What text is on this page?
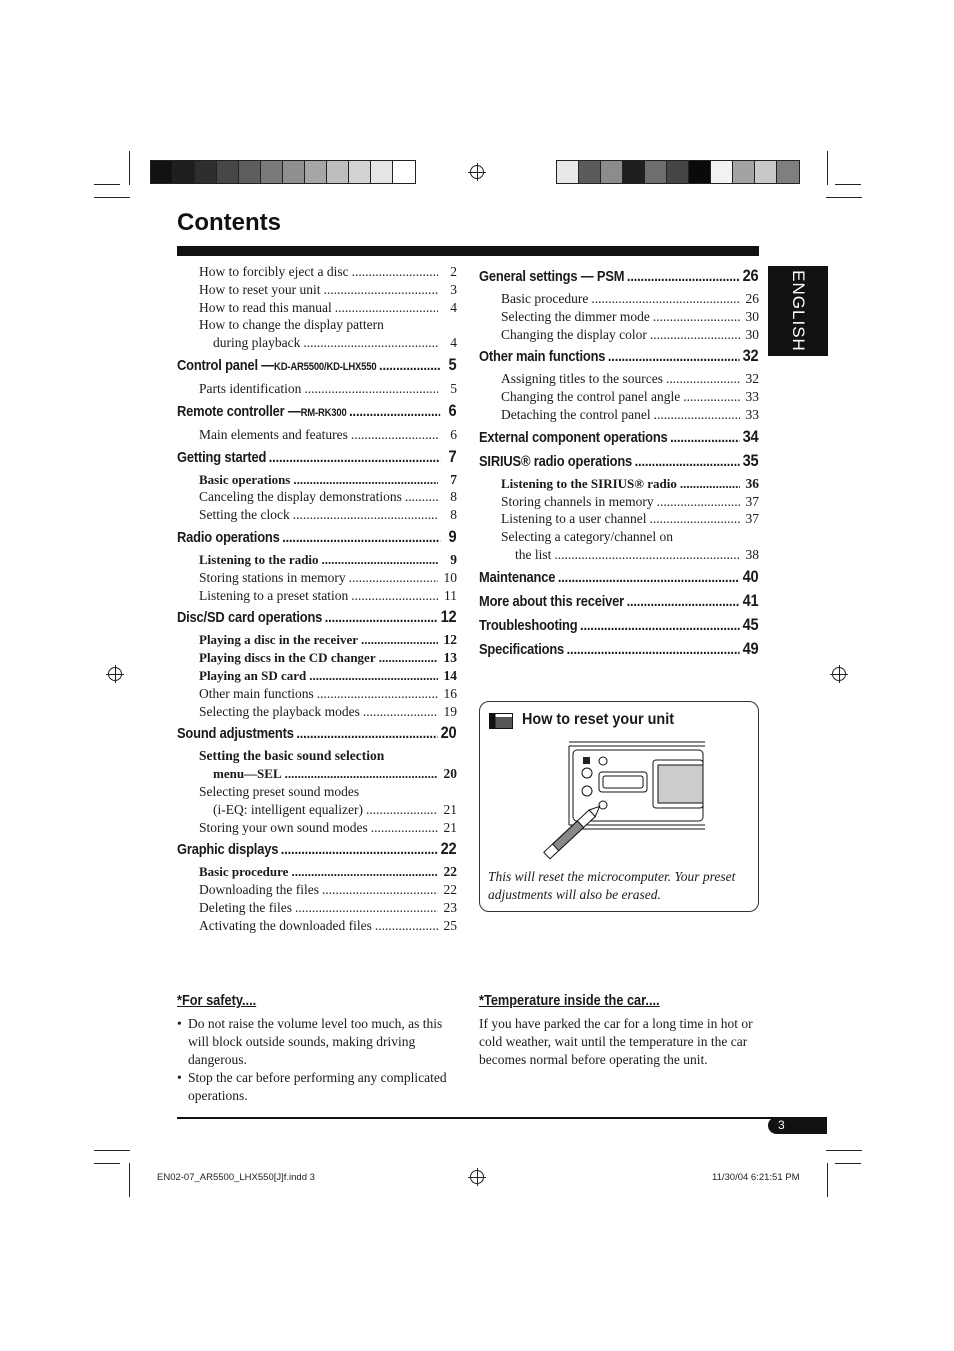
Contents
How to forcibly eject a disc .....	2
How to reset your unit .....	3
How to read this manual .....	4
How to change the display pattern
during playback .....	4
Control panel — KD-AR5500/KD-LHX550 .....	5
Parts identification .....	5
Remote controller — RM-RK300 .....	6
Main elements and features .....	6
Getting started .....	7
Basic operations .....	7
Canceling the display demonstrations .....	8
Setting the clock .....	8
Radio operations .....	9
Listening to the radio .....	9
Storing stations in memory .....	10
Listening to a preset station .....	11
Disc/SD card operations .....	12
Playing a disc in the receiver .....	12
Playing discs in the CD changer .....	13
Playing an SD card .....	14
Other main functions .....	16
Selecting the playback modes .....	19
Sound adjustments .....	20
Setting the basic sound selection
menu—SEL .....	20
Selecting preset sound modes
(i-EQ: intelligent equalizer) .....	21
Storing your own sound modes .....	21
Graphic displays .....	22
Basic procedure .....	22
Downloading the files .....	22
Deleting the files .....	23
Activating the downloaded files .....	25
General settings — PSM .....	26
Basic procedure .....	26
Selecting the dimmer mode .....	30
Changing the display color .....	30
Other main functions .....	32
Assigning titles to the sources .....	32
Changing the control panel angle .....	33
Detaching the control panel .....	33
External component operations .....	34
SIRIUS® radio operations .....	35
Listening to the SIRIUS® radio .....	36
Storing channels in memory .....	37
Listening to a user channel .....	37
Selecting a category/channel on
the list .....	38
Maintenance .....	40
More about this receiver .....	41
Troubleshooting .....	45
Specifications .....	49
ENGLISH
How to reset your unit
This will reset the microcomputer. Your preset adjustments will also be erased.
*For safety....
• Do not raise the volume level too much, as this will block outside sounds, making driving dangerous.
• Stop the car before performing any complicated operations.
*Temperature inside the car....
If you have parked the car for a long time in hot or cold weather, wait until the temperature in the car becomes normal before operating the unit.
3
EN02-07_AR5500_LHX550[J]f.indd 3	11/30/04 6:21:51 PM
